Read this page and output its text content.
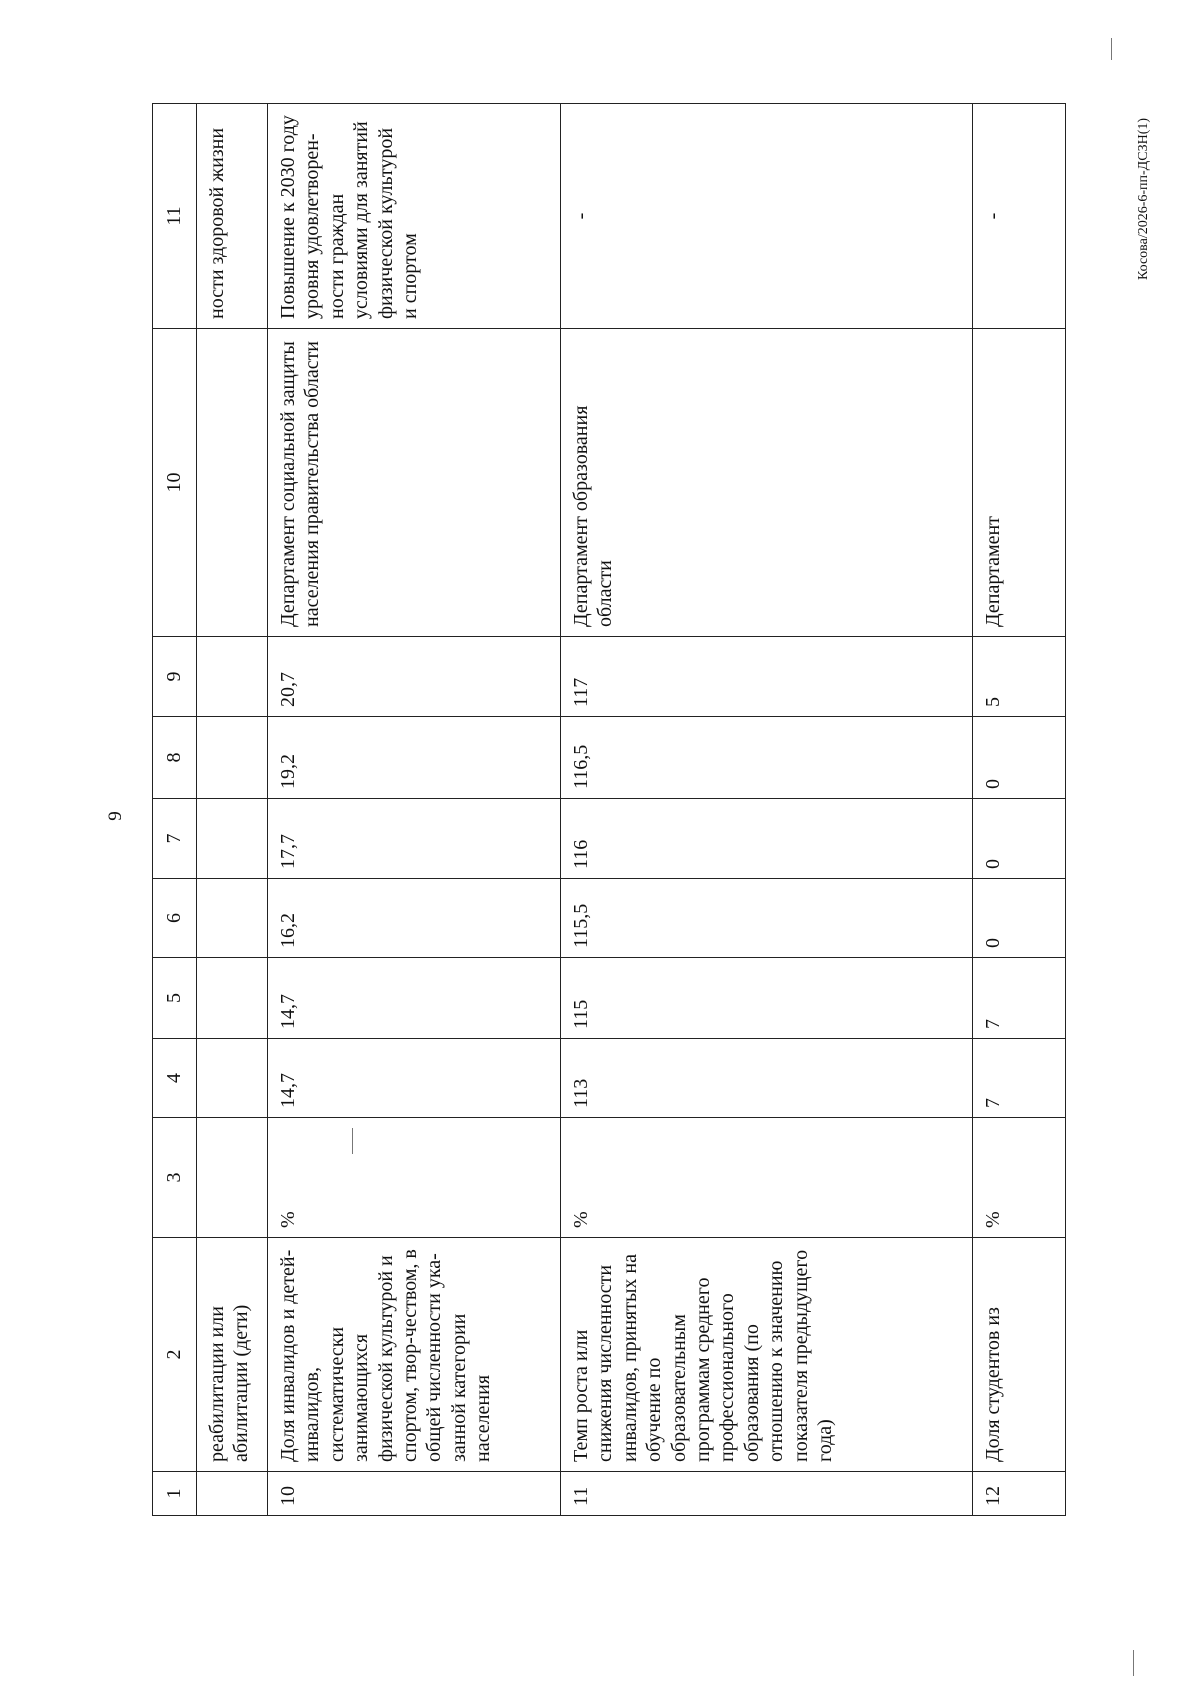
9
Косова/2026-6-пп-ДСЗН(1)
1	2	3	4	5	6	7	8	9	10	11
	реабилитации или абилитации (дети)									ности здоровой жизни
10	Доля инвалидов и детей-инвалидов, систематически занимающихся физической культурой и спортом, твор-чеством, в общей численности ука-занной категории населения	%	14,7	14,7	16,2	17,7	19,2	20,7	Департамент социальной защиты населения правительства области	Повышение к 2030 году уровня удовлетворен-ности граждан условиями для занятий физической культурой и спортом
11	Темп роста или снижения численности инвалидов, принятых на обучение по образовательным программам среднего профессионального образования (по отношению к значению показателя предыдущего года)	%	113	115	115,5	116	116,5	117	Департамент образования области	-
12	Доля студентов из	%	7	7	0	0	0	5	Департамент	-
